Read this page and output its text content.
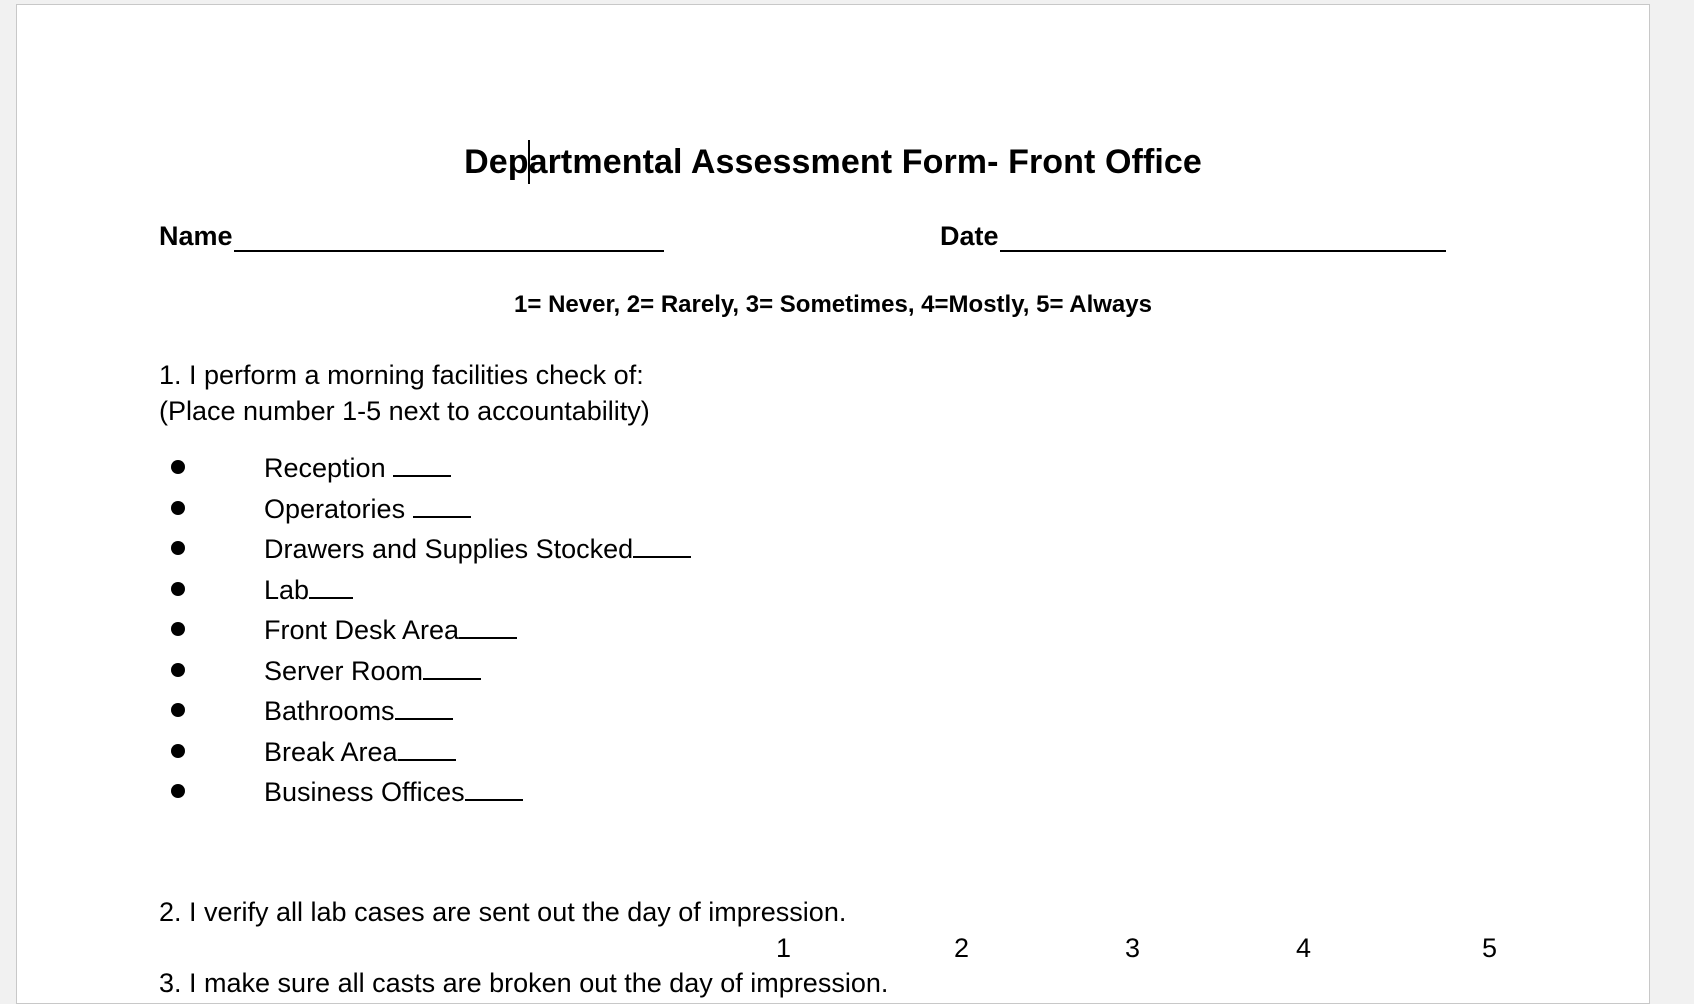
Departmental Assessment Form- Front Office
Name	Date
1= Never, 2= Rarely, 3= Sometimes, 4=Mostly, 5= Always
1. I perform a morning facilities check of:
(Place number 1-5 next to accountability)
Reception
Operatories
Drawers and Supplies Stocked
Lab
Front Desk Area
Server Room
Bathrooms
Break Area
Business Offices
2. I verify all lab cases are sent out the day of impression.
1	2	3	4	5
3. I make sure all casts are broken out the day of impression.
